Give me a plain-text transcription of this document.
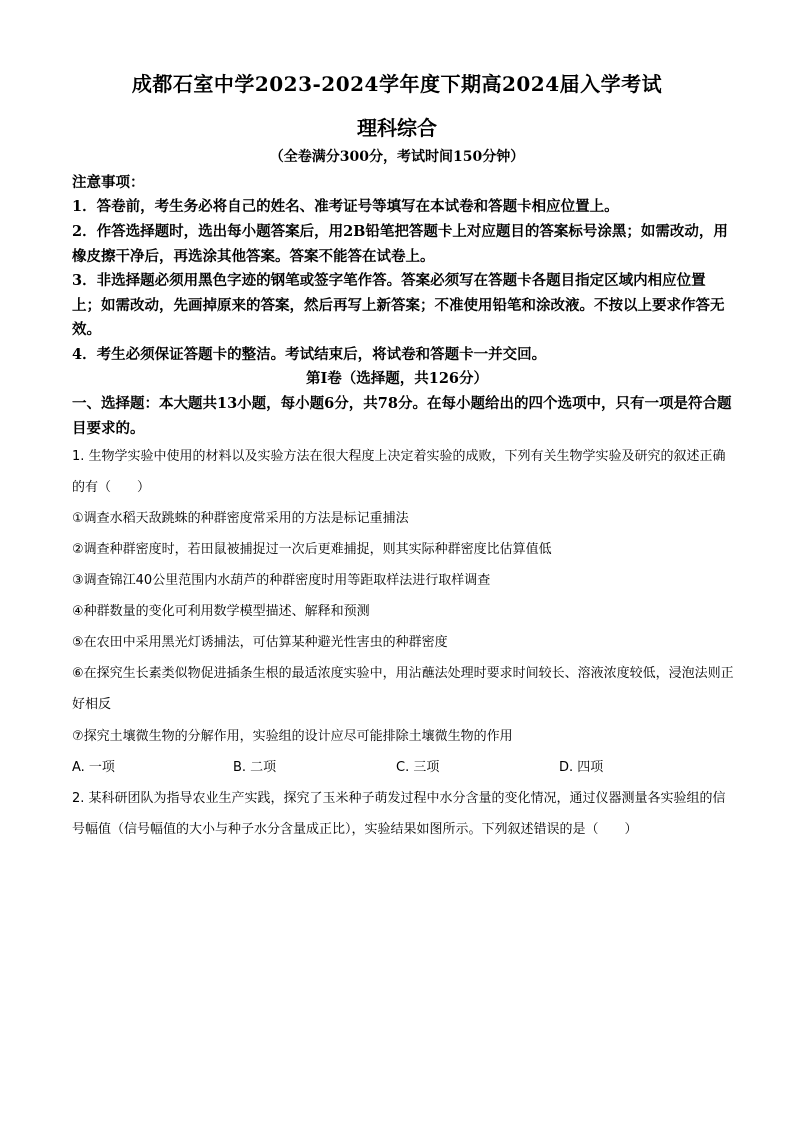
成都石室中学2023-2024学年度下期高2024届入学考试
理科综合
（全卷满分300分，考试时间150分钟）
注意事项：
1．答卷前，考生务必将自己的姓名、准考证号等填写在本试卷和答题卡相应位置上。
2．作答选择题时，选出每小题答案后，用2B铅笔把答题卡上对应题目的答案标号涂黑；如需改动，用橡皮擦干净后，再选涂其他答案。答案不能答在试卷上。
3．非选择题必须用黑色字迹的钢笔或签字笔作答。答案必须写在答题卡各题目指定区域内相应位置上；如需改动，先画掉原来的答案，然后再写上新答案；不准使用铅笔和涂改液。不按以上要求作答无效。
4．考生必须保证答题卡的整洁。考试结束后，将试卷和答题卡一并交回。
第Ⅰ卷（选择题，共126分）
一、选择题：本大题共13小题，每小题6分，共78分。在每小题给出的四个选项中，只有一项是符合题目要求的。
1. 生物学实验中使用的材料以及实验方法在很大程度上决定着实验的成败，下列有关生物学实验及研究的叙述正确的有（　　）
①调查水稻天敌跳蛛的种群密度常采用的方法是标记重捕法
②调查种群密度时，若田鼠被捕捉过一次后更难捕捉，则其实际种群密度比估算值低
③调查锦江40公里范围内水葫芦的种群密度时用等距取样法进行取样调查
④种群数量的变化可利用数学模型描述、解释和预测
⑤在农田中采用黑光灯诱捕法，可估算某种避光性害虫的种群密度
⑥在探究生长素类似物促进插条生根的最适浓度实验中，用沾蘸法处理时要求时间较长、溶液浓度较低，浸泡法则正好相反
⑦探究土壤微生物的分解作用，实验组的设计应尽可能排除土壤微生物的作用
A. 一项	B. 二项	C. 三项	D. 四项
2. 某科研团队为指导农业生产实践，探究了玉米种子萌发过程中水分含量的变化情况，通过仪器测量各实验组的信号幅值（信号幅值的大小与种子水分含量成正比），实验结果如图所示。下列叙述错误的是（　　）
